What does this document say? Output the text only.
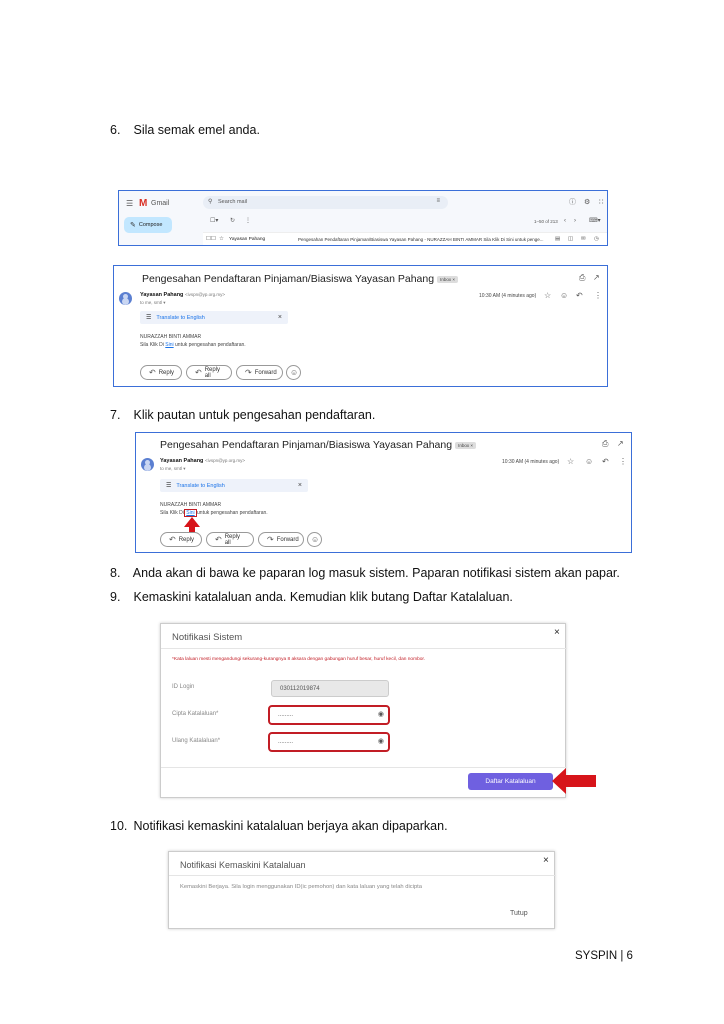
6. Sila semak emel anda.
☰ M Gmail	⚲ Search mail	≡	ⓘ ⚙ ∷
✎ Compose
☐▾ ↻ ⋮	1–50 of 213 ‹ › ⌨▾
☐☐ ☆ Yayasan Pahang	Pengesahan Pendaftaran Pinjaman/Biasiswa Yayasan Pahang - NURAZZAH BINTI AMMAR Sila Klik Di Sini untuk penge...	▤ ◫ ✉ ◷
Pengesahan Pendaftaran Pinjaman/Biasiswa Yayasan Pahang Inbox ×	⎙ ↗
Yayasan Pahang <ivspn@yp.org.my>
to me, smtl ▾
10:30 AM (4 minutes ago) ☆ ☺ ↶ ⋮
☰ Translate to English	×
NURAZZAH BINTI AMMAR
Sila Klik Di Sini untuk pengesahan pendaftaran.
↶ Reply	↶ Reply all	↷ Forward ☺
7. Klik pautan untuk pengesahan pendaftaran.
Pengesahan Pendaftaran Pinjaman/Biasiswa Yayasan Pahang Inbox ×	⎙ ↗
Yayasan Pahang <ivspn@yp.org.my>
to me, smtl ▾
10:30 AM (4 minutes ago) ☆ ☺ ↶ ⋮
☰ Translate to English	×
NURAZZAH BINTI AMMAR
Sila Klik Di Sini untuk pengesahan pendaftaran.
↶ Reply	↶ Reply all	↷ Forward ☺
8. Anda akan di bawa ke paparan log masuk sistem. Paparan notifikasi sistem akan papar.
9. Kemaskini katalaluan anda. Kemudian klik butang Daftar Katalaluan.
Notifikasi Sistem	×
*Kata laluan mesti mengandungi sekurang-kurangnya 8 aksara dengan gabungan huruf besar, huruf kecil, dan nombor.
ID Login	030112019874
Cipta Katalaluan*	.........	◉
Ulang Katalaluan*	.........	◉
Daftar Katalaluan
10. Notifikasi kemaskini katalaluan berjaya akan dipaparkan.
Notifikasi Kemaskini Katalaluan	×
Kemaskini Berjaya. Sila login menggunakan ID(ic pemohon) dan kata laluan yang telah dicipta
Tutup
SYSPIN | 6
